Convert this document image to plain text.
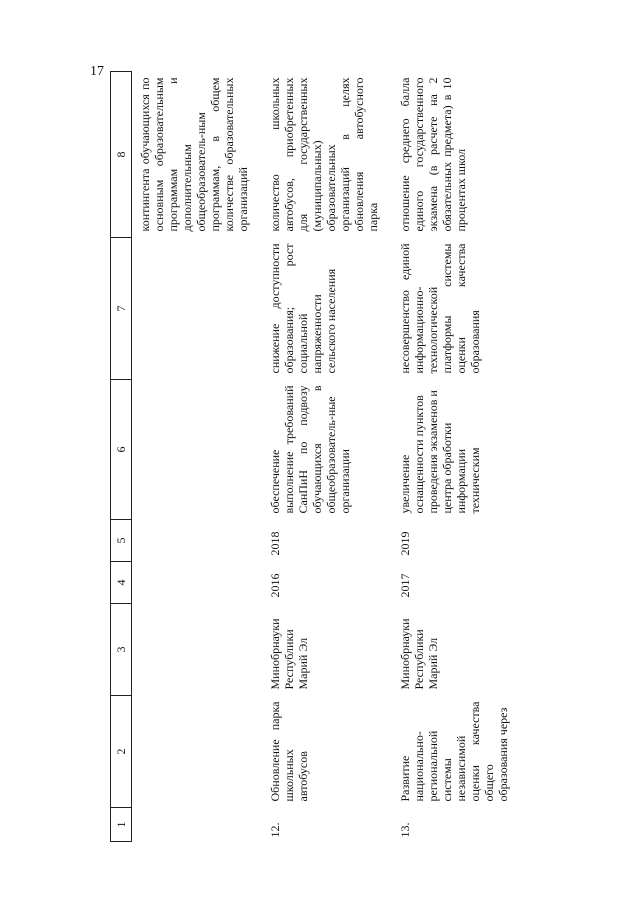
17
1	2	3	4	5	6	7	8
							контингента обучающихся по основным образовательным программам и дополнительным общеобразователь-ным программам, в общем количестве образовательных организаций

12.	Обновление парка школьных автобусов	Минобрнауки Республики Марий Эл	2016	2018	обеспечение выполнение требований СанПиН по подвозу обучающихся в общеобразователь-ные организации	снижение доступности образования; рост социальной напряженности сельского населения	количество школьных автобусов, приобретенных для государственных (муниципальных) образовательных организаций в целях обновления автобусного парка

13.	Развитие национально-региональной системы независимой оценки качества общего образования через	Минобрнауки Республики Марий Эл	2017	2019	увеличение оснащенности пунктов проведения экзаменов и центра обработки информации техническим	несовершенство единой информационно-технологической платформы системы оценки качества образования	отношение среднего балла единого государственного экзамена (в расчете на 2 обязательных предмета) в 10 процентах школ
